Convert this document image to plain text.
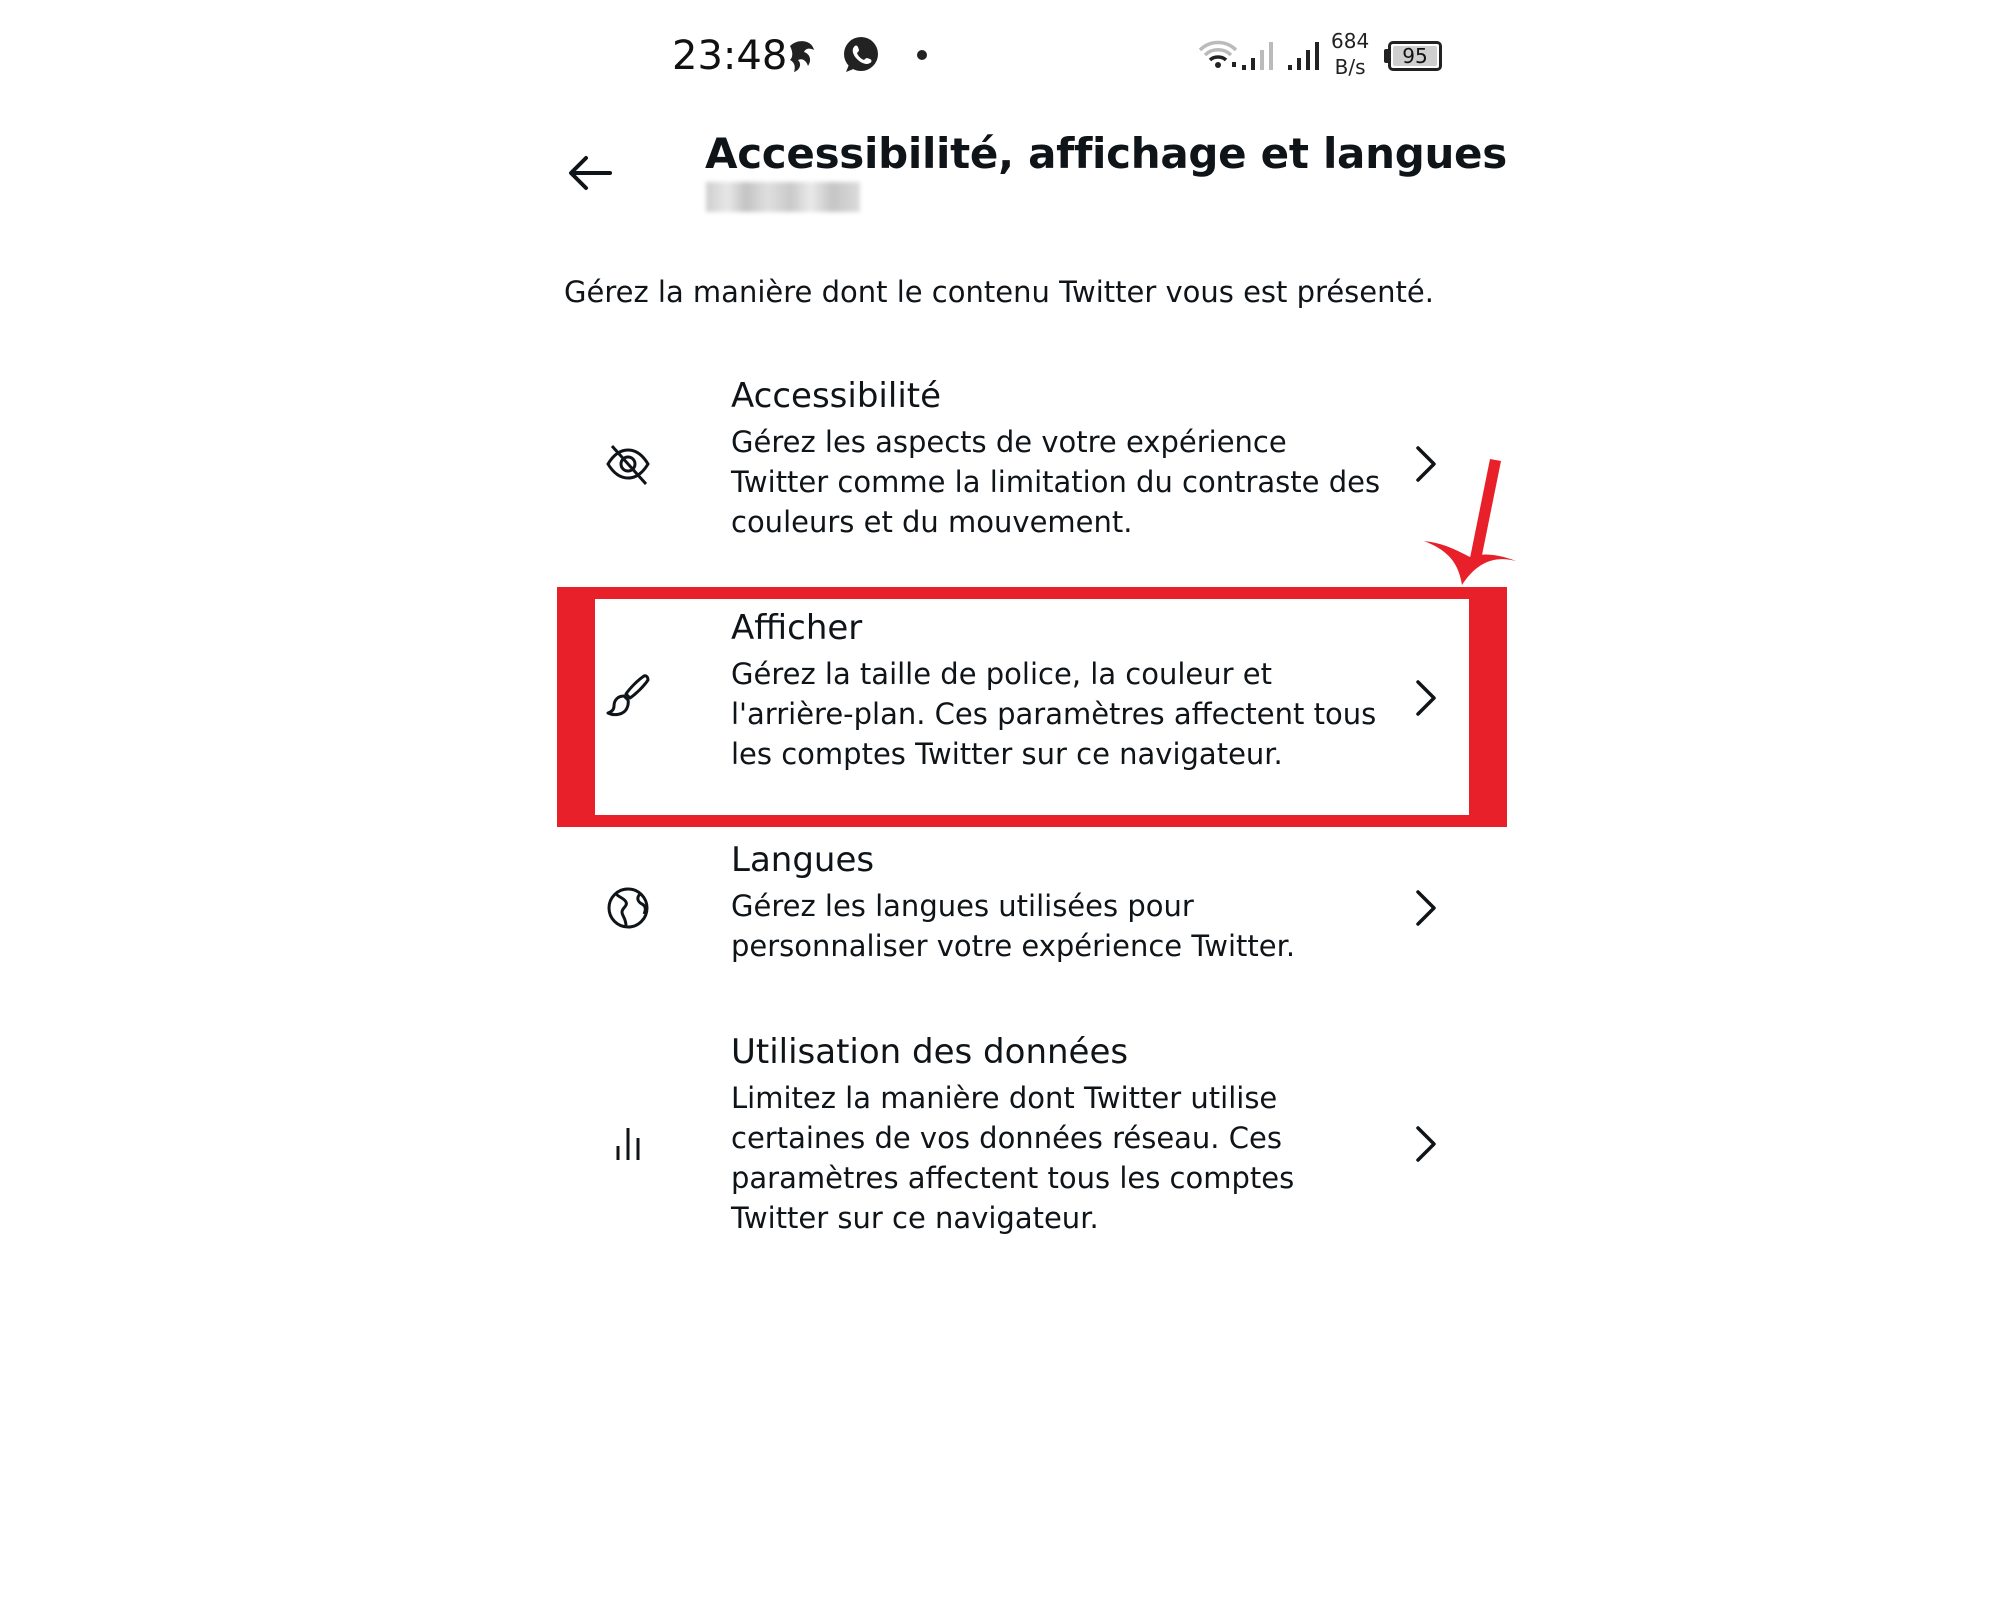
23:48	684
B/s	95
Accessibilité, affichage et langues
Gérez la manière dont le contenu Twitter vous est présenté.
Accessibilité
Gérez les aspects de votre expérience
Twitter comme la limitation du contraste des
couleurs et du mouvement.
Afficher
Gérez la taille de police, la couleur et
l'arrière-plan. Ces paramètres affectent tous
les comptes Twitter sur ce navigateur.
Langues
Gérez les langues utilisées pour
personnaliser votre expérience Twitter.
Utilisation des données
Limitez la manière dont Twitter utilise
certaines de vos données réseau. Ces
paramètres affectent tous les comptes
Twitter sur ce navigateur.
